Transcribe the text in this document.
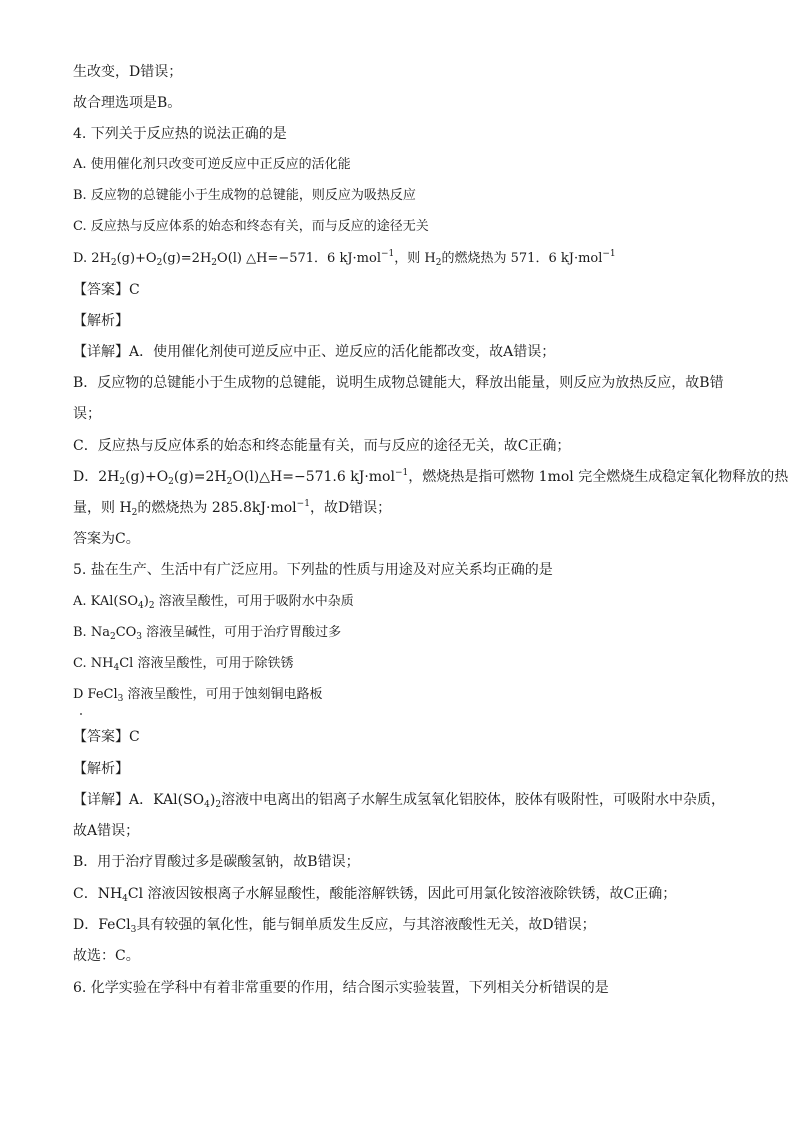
生改变，D错误；
故合理选项是B。
4. 下列关于反应热的说法正确的是
A. 使用催化剂只改变可逆反应中正反应的活化能
B. 反应物的总键能小于生成物的总键能，则反应为吸热反应
C. 反应热与反应体系的始态和终态有关，而与反应的途径无关
D. $2H_2(g)+O_2(g)=2H_2O(l)$ △H=−571．6 kJ·mol$^{-1}$，则 $H_2$的燃烧热为 571．6 kJ·mol$^{-1}$
【答案】C
【解析】
【详解】A．使用催化剂使可逆反应中正、逆反应的活化能都改变，故A错误；
B．反应物的总键能小于生成物的总键能，说明生成物总键能大，释放出能量，则反应为放热反应，故B错
误；
C．反应热与反应体系的始态和终态能量有关，而与反应的途径无关，故C正确；
D．$2H_2(g)+O_2(g)=2H_2O(l)\triangle H=-571.6$ kJ·mol$^{-1}$，燃烧热是指可燃物 1mol 完全燃烧生成稳定氧化物释放的热
量，则 $H_2$的燃烧热为 285.8kJ·mol$^{-1}$，故D错误；
答案为C。
5. 盐在生产、生活中有广泛应用。下列盐的性质与用途及对应关系均正确的是
A. $KAl(SO_4)_2$ 溶液呈酸性，可用于吸附水中杂质
B. $Na_2CO_3$ 溶液呈碱性，可用于治疗胃酸过多
C. $NH_4Cl$ 溶液呈酸性，可用于除铁锈
D FeCl$_3$ 溶液呈酸性，可用于蚀刻铜电路板
【答案】C
【解析】
【详解】A．$KAl(SO_4)_2$溶液中电离出的铝离子水解生成氢氧化铝胶体，胶体有吸附性，可吸附水中杂质，
故A错误；
B．用于治疗胃酸过多是碳酸氢钠，故B错误；
C．$NH_4Cl$ 溶液因铵根离子水解显酸性，酸能溶解铁锈，因此可用氯化铵溶液除铁锈，故C正确；
D．FeCl$_3$具有较强的氧化性，能与铜单质发生反应，与其溶液酸性无关，故D错误；
故选：C。
6. 化学实验在学科中有着非常重要的作用，结合图示实验装置，下列相关分析错误的是
